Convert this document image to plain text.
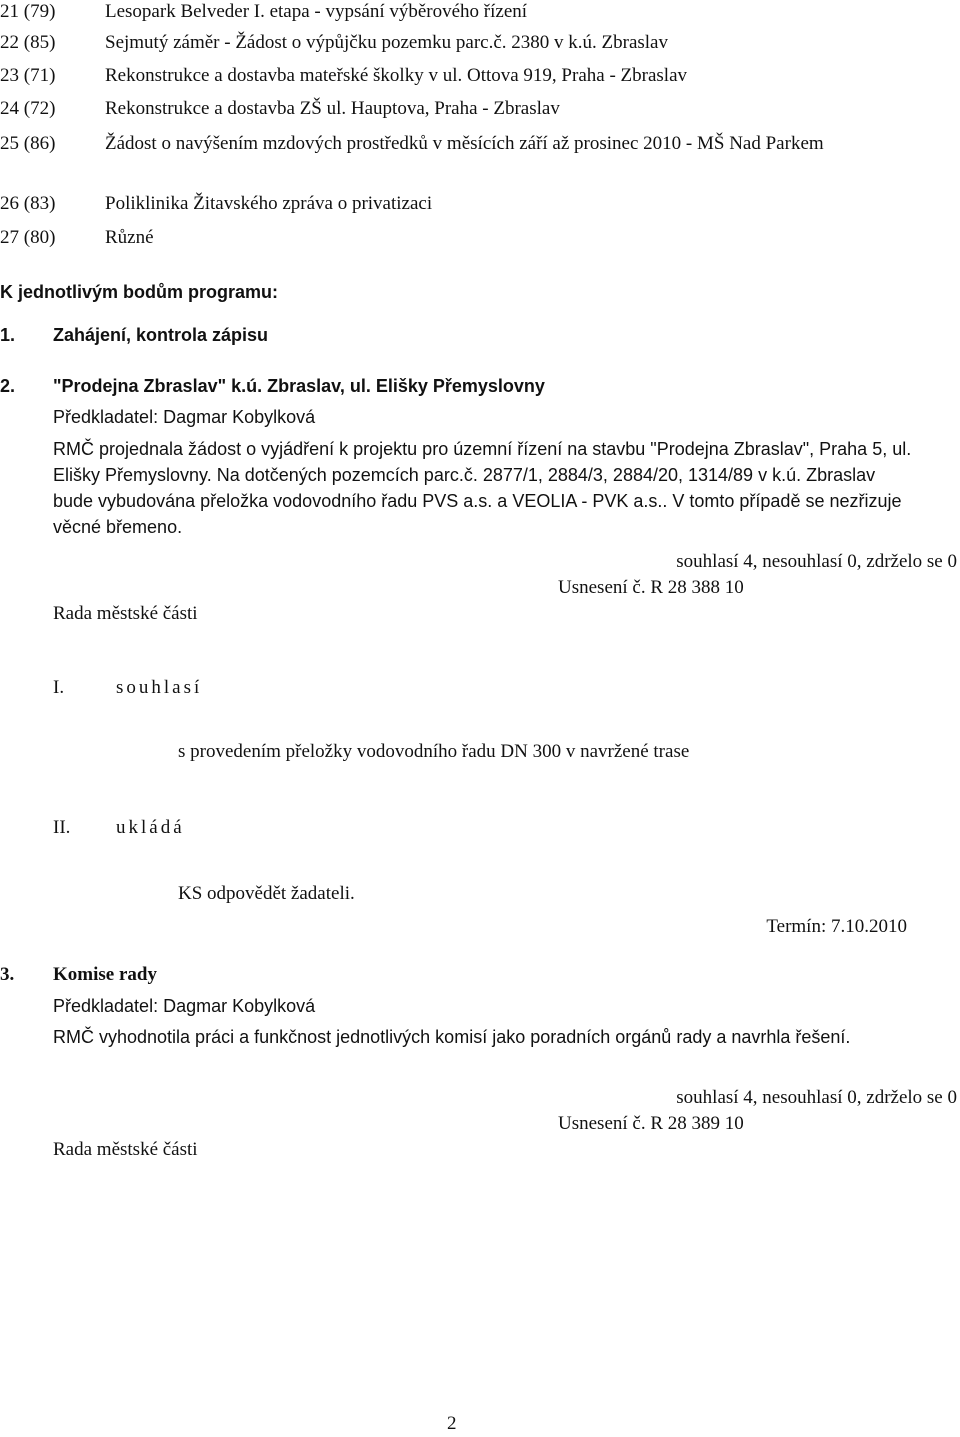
21 (79)	Lesopark Belveder I. etapa - vypsání výběrového řízení
22 (85)	Sejmutý záměr - Žádost o výpůjčku pozemku parc.č. 2380 v k.ú. Zbraslav
23 (71)	Rekonstrukce a dostavba mateřské školky v ul. Ottova 919, Praha - Zbraslav
24 (72)	Rekonstrukce a dostavba ZŠ ul. Hauptova, Praha - Zbraslav
25 (86)	Žádost o navýšením mzdových prostředků v měsících září až prosinec 2010 - MŠ Nad Parkem
26 (83)	Poliklinika Žitavského zpráva o privatizaci
27 (80)	Různé
K jednotlivým bodům programu:
1. Zahájení, kontrola zápisu
2. "Prodejna Zbraslav" k.ú. Zbraslav, ul. Elišky Přemyslovny
Předkladatel: Dagmar Kobylková
RMČ projednala žádost o vyjádření k projektu pro územní řízení na stavbu "Prodejna Zbraslav", Praha 5, ul. Elišky Přemyslovny. Na dotčených pozemcích parc.č. 2877/1, 2884/3, 2884/20, 1314/89 v k.ú. Zbraslav bude vybudována přeložka vodovodního řadu PVS a.s. a VEOLIA - PVK a.s.. V tomto případě se nezřizuje věcné břemeno.
souhlasí 4, nesouhlasí 0, zdrželo se 0
Usnesení č. R 28 388 10
Rada městské části
I.	souhlasí
s provedením přeložky vodovodního řadu DN 300 v navržené trase
II. ukládá
KS odpovědět žadateli.
Termín: 7.10.2010
3. Komise rady
Předkladatel: Dagmar Kobylková
RMČ vyhodnotila práci a funkčnost jednotlivých komisí jako poradních orgánů rady a navrhla řešení.
souhlasí 4, nesouhlasí 0, zdrželo se 0
Usnesení č. R 28 389 10
Rada městské části
2
